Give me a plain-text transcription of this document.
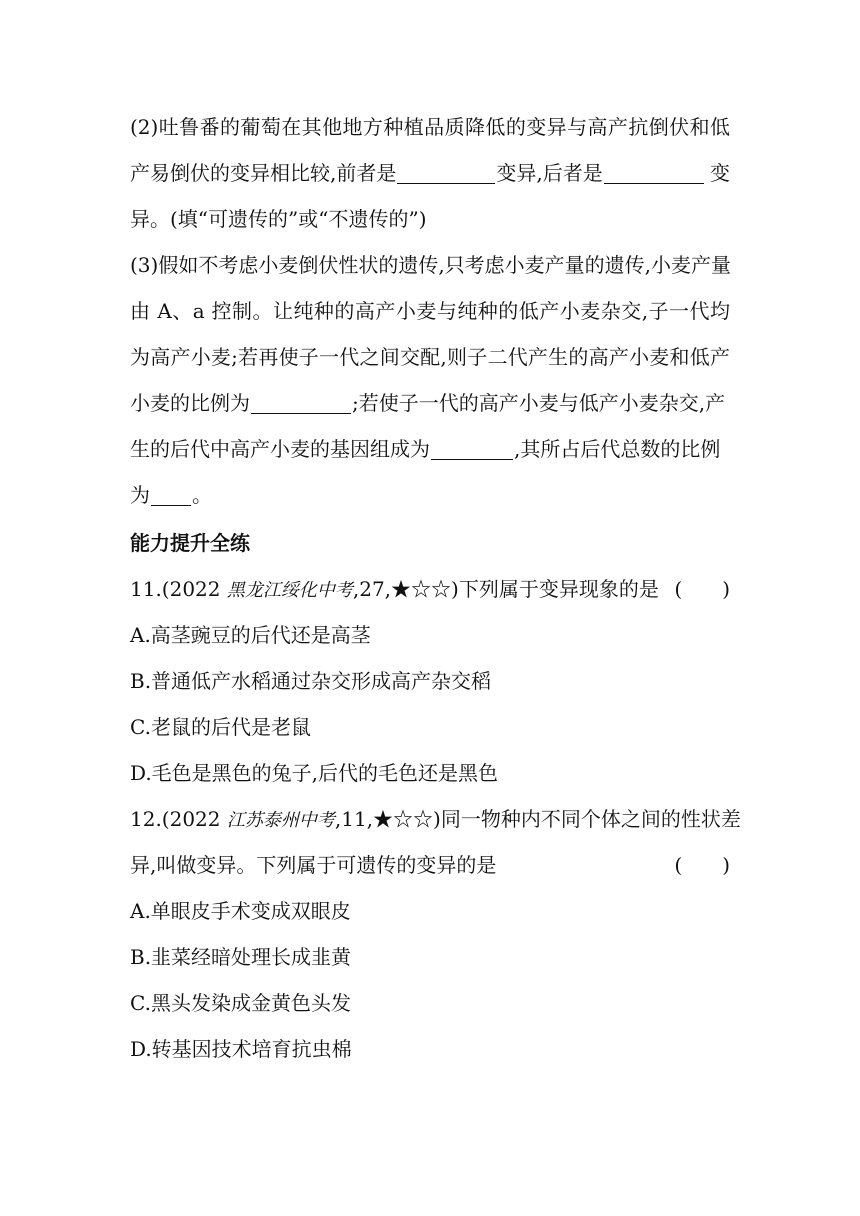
(2)吐鲁番的葡萄在其他地方种植品质降低的变异与高产抗倒伏和低
产易倒伏的变异相比较,前者是	变异,后者是	变
异。(填“可遗传的”或“不遗传的”)
(3)假如不考虑小麦倒伏性状的遗传,只考虑小麦产量的遗传,小麦产量
由 A、a 控制。让纯种的高产小麦与纯种的低产小麦杂交,子一代均
为高产小麦;若再使子一代之间交配,则子二代产生的高产小麦和低产
小麦的比例为	;若使子一代的高产小麦与低产小麦杂交,产
生的后代中高产小麦的基因组成为	,其所占后代总数的比例
为 。
能力提升全练
11.(2022 黑龙江绥化中考,27,★☆☆)下列属于变异现象的是 (　　)
A.高茎豌豆的后代还是高茎
B.普通低产水稻通过杂交形成高产杂交稻
C.老鼠的后代是老鼠
D.毛色是黑色的兔子,后代的毛色还是黑色
12.(2022 江苏泰州中考,11,★☆☆)同一物种内不同个体之间的性状差
异,叫做变异。下列属于可遗传的变异的是	(　　)
A.单眼皮手术变成双眼皮
B.韭菜经暗处理长成韭黄
C.黑头发染成金黄色头发
D.转基因技术培育抗虫棉
